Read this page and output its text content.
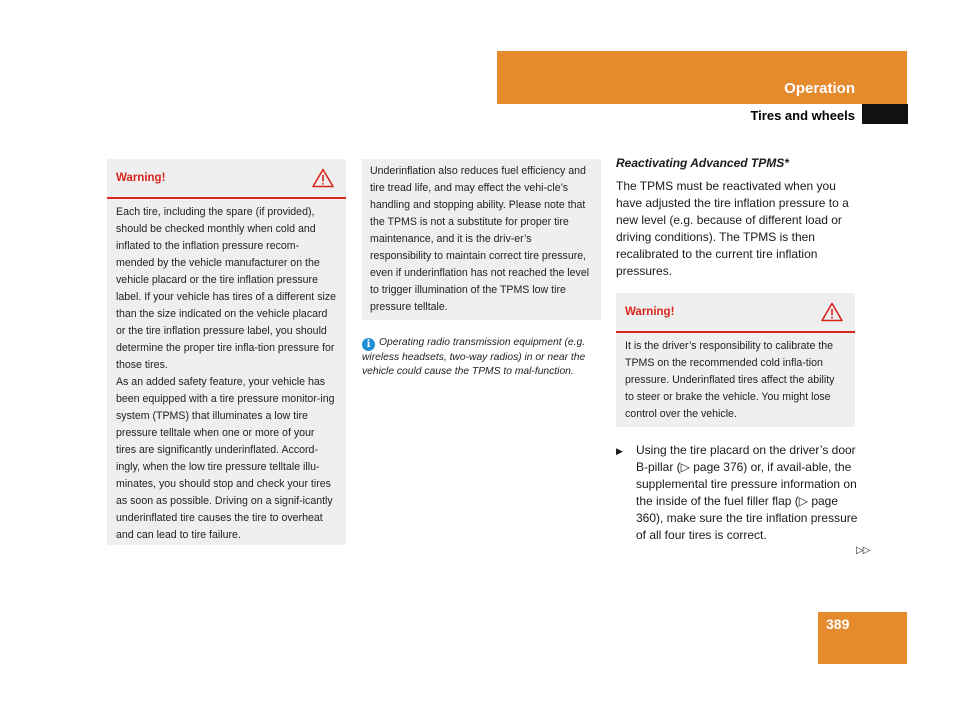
Operation
Tires and wheels
Warning!

Each tire, including the spare (if provided), should be checked monthly when cold and inflated to the inflation pressure recom-mended by the vehicle manufacturer on the vehicle placard or the tire inflation pressure label. If your vehicle has tires of a different size than the size indicated on the vehicle placard or the tire inflation pressure label, you should determine the proper tire infla-tion pressure for those tires.

As an added safety feature, your vehicle has been equipped with a tire pressure monitor-ing system (TPMS) that illuminates a low tire pressure telltale when one or more of your tires are significantly underinflated. Accord-ingly, when the low tire pressure telltale illu-minates, you should stop and check your tires as soon as possible. Driving on a signif-icantly underinflated tire causes the tire to overheat and can lead to tire failure.

Underinflation also reduces fuel efficiency and tire tread life, and may effect the vehi-cle’s handling and stopping ability. Please note that the TPMS is not a substitute for proper tire maintenance, and it is the driv-er’s responsibility to maintain correct tire pressure, even if underinflation has not reached the level to trigger illumination of the TPMS low tire pressure telltale.
i Operating radio transmission equipment (e.g. wireless headsets, two-way radios) in or near the vehicle could cause the TPMS to mal-function.
Reactivating Advanced TPMS*

The TPMS must be reactivated when you have adjusted the tire inflation pressure to a new level (e.g. because of different load or driving conditions). The TPMS is then recalibrated to the current tire inflation pressures.

Warning!
It is the driver’s responsibility to calibrate the TPMS on the recommended cold infla-tion pressure. Underinflated tires affect the ability to steer or brake the vehicle. You might lose control over the vehicle.
▶	Using the tire placard on the driver’s door B-pillar (▷ page 376) or, if avail-able, the supplemental tire pressure information on the inside of the fuel filler flap (▷ page 360), make sure the tire inflation pressure of all four tires is correct.
▷▷
389
